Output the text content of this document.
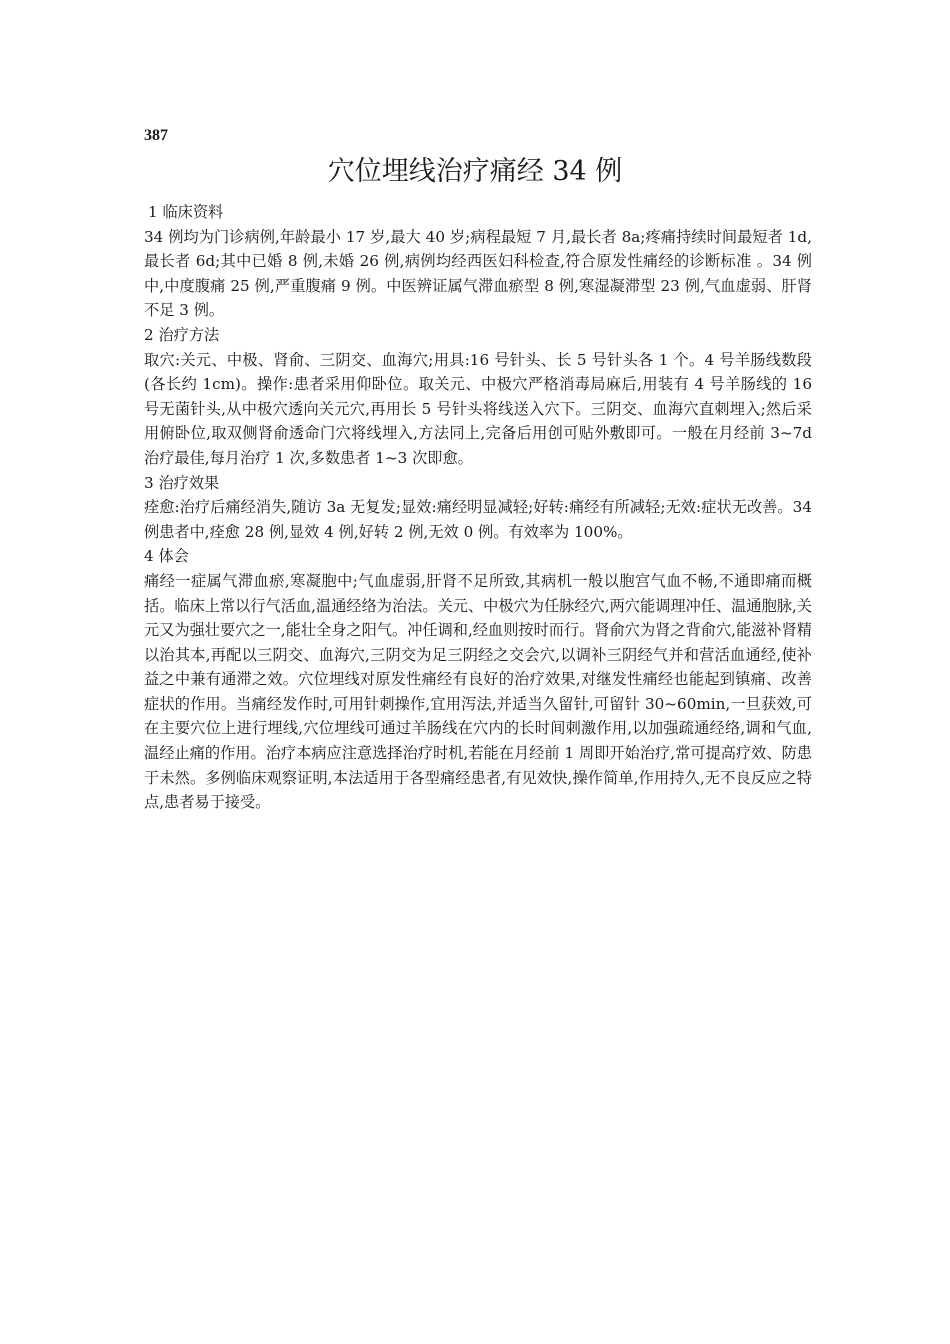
387
穴位埋线治疗痛经 34 例
1 临床资料

34 例均为门诊病例,年龄最小 17 岁,最大 40 岁;病程最短 7 月,最长者 8a;疼痛持续时间最短者 1d,最长者 6d;其中已婚 8 例,未婚 26 例,病例均经西医妇科检查,符合原发性痛经的诊断标准 。34 例中,中度腹痛 25 例,严重腹痛 9 例。中医辨证属气滞血瘀型 8 例,寒湿凝滞型 23 例,气血虚弱、肝肾不足 3 例。

2 治疗方法

取穴:关元、中极、肾俞、三阴交、血海穴;用具:16 号针头、长 5 号针头各 1 个。4 号羊肠线数段(各长约 1cm)。操作:患者采用仰卧位。取关元、中极穴严格消毒局麻后,用装有 4 号羊肠线的 16 号无菌针头,从中极穴透向关元穴,再用长 5 号针头将线送入穴下。三阴交、血海穴直刺埋入;然后采用俯卧位,取双侧肾俞透命门穴将线埋入,方法同上,完备后用创可贴外敷即可。一般在月经前 3~7d 治疗最佳,每月治疗 1 次,多数患者 1~3 次即愈。

3 治疗效果

痊愈:治疗后痛经消失,随访 3a 无复发;显效:痛经明显减轻;好转:痛经有所减轻;无效:症状无改善。34 例患者中,痊愈 28 例,显效 4 例,好转 2 例,无效 0 例。有效率为 100%。

4 体会

痛经一症属气滞血瘀,寒凝胞中;气血虚弱,肝肾不足所致,其病机一般以胞宫气血不畅,不通即痛而概括。临床上常以行气活血,温通经络为治法。关元、中极穴为任脉经穴,两穴能调理冲任、温通胞脉,关元又为强壮要穴之一,能壮全身之阳气。冲任调和,经血则按时而行。肾俞穴为肾之背俞穴,能滋补肾精以治其本,再配以三阴交、血海穴,三阴交为足三阴经之交会穴,以调补三阴经气并和营活血通经,使补益之中兼有通滞之效。穴位埋线对原发性痛经有良好的治疗效果,对继发性痛经也能起到镇痛、改善症状的作用。当痛经发作时,可用针刺操作,宜用泻法,并适当久留针,可留针 30~60min,一旦获效,可在主要穴位上进行埋线,穴位埋线可通过羊肠线在穴内的长时间刺激作用,以加强疏通经络,调和气血,温经止痛的作用。治疗本病应注意选择治疗时机,若能在月经前 1 周即开始治疗,常可提高疗效、防患于未然。多例临床观察证明,本法适用于各型痛经患者,有见效快,操作简单,作用持久,无不良反应之特点,患者易于接受。
